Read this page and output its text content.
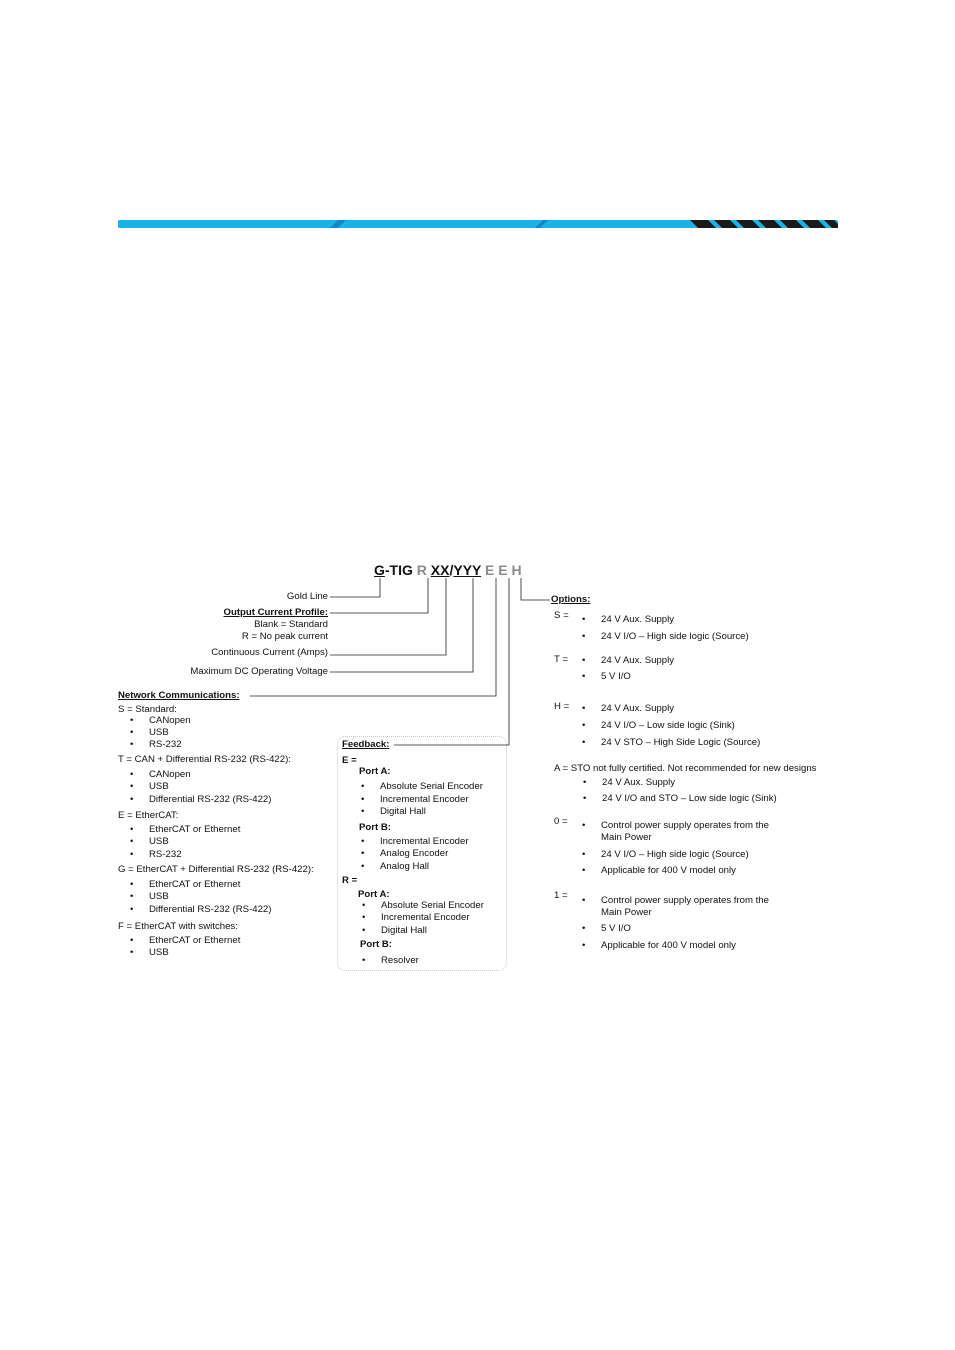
G-TIG R XX/YYY E E H
Gold Line
Output Current Profile:
Blank = Standard
R = No peak current
Continuous Current (Amps)
Maximum DC Operating Voltage
Network Communications:
S = Standard:
• CANopen
• USB
• RS-232
T = CAN + Differential RS-232 (RS-422):
• CANopen
• USB
• Differential RS-232 (RS-422)
E = EtherCAT:
• EtherCAT or Ethernet
• USB
• RS-232
G = EtherCAT + Differential RS-232 (RS-422):
• EtherCAT or Ethernet
• USB
• Differential RS-232 (RS-422)
F = EtherCAT with switches:
• EtherCAT or Ethernet
• USB
Feedback:
E =
Port A:
• Absolute Serial Encoder
• Incremental Encoder
• Digital Hall
Port B:
• Incremental Encoder
• Analog Encoder
• Analog Hall
R =
Port A:
• Absolute Serial Encoder
• Incremental Encoder
• Digital Hall
Port B:
• Resolver
Options:
S =	• 24 V Aux. Supply
• 24 V I/O – High side logic (Source)
T =	• 24 V Aux. Supply
• 5 V I/O
H =	• 24 V Aux. Supply
• 24 V I/O – Low side logic (Sink)
• 24 V STO – High Side Logic (Source)
A = STO not fully certified. Not recommended for new designs
• 24 V Aux. Supply
• 24 V I/O and STO – Low side logic (Sink)
0 =	• Control power supply operates from the
Main Power
• 24 V I/O – High side logic (Source)
• Applicable for 400 V model only
1 =	• Control power supply operates from the
Main Power
• 5 V I/O
• Applicable for 400 V model only
